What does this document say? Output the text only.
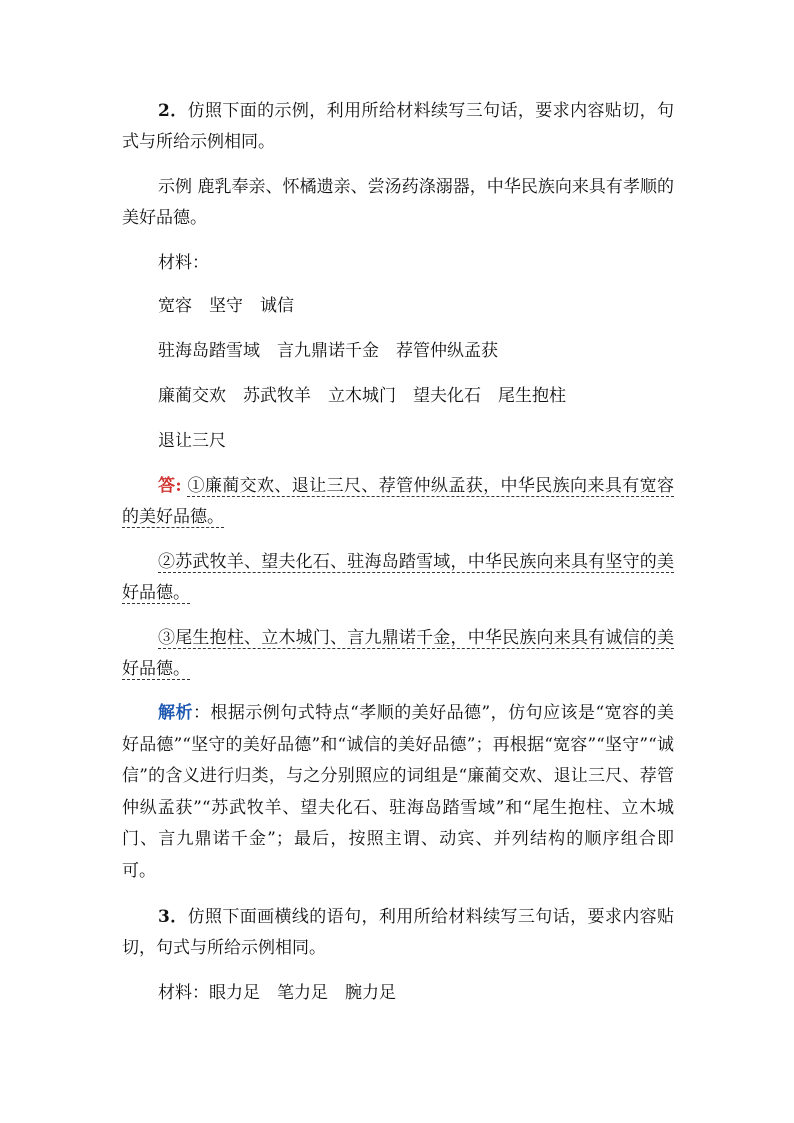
2．仿照下面的示例，利用所给材料续写三句话，要求内容贴切，句式与所给示例相同。

示例 鹿乳奉亲、怀橘遗亲、尝汤药涤溺器，中华民族向来具有孝顺的美好品德。

材料：

宽容　坚守　诚信

驻海岛踏雪域　言九鼎诺千金　荐管仲纵孟获

廉蔺交欢　苏武牧羊　立木城门　望夫化石　尾生抱柱

退让三尺

答: ①廉蔺交欢、退让三尺、荐管仲纵孟获，中华民族向来具有宽容的美好品德。

②苏武牧羊、望夫化石、驻海岛踏雪域，中华民族向来具有坚守的美好品德。

③尾生抱柱、立木城门、言九鼎诺千金，中华民族向来具有诚信的美好品德。

解析：根据示例句式特点“孝顺的美好品德”，仿句应该是“宽容的美好品德”“坚守的美好品德”和“诚信的美好品德”；再根据“宽容”“坚守”“诚信”的含义进行归类，与之分别照应的词组是“廉蔺交欢、退让三尺、荐管仲纵孟获”“苏武牧羊、望夫化石、驻海岛踏雪域”和“尾生抱柱、立木城门、言九鼎诺千金”；最后，按照主谓、动宾、并列结构的顺序组合即可。

3．仿照下面画横线的语句，利用所给材料续写三句话，要求内容贴切，句式与所给示例相同。

材料：眼力足　笔力足　腕力足
